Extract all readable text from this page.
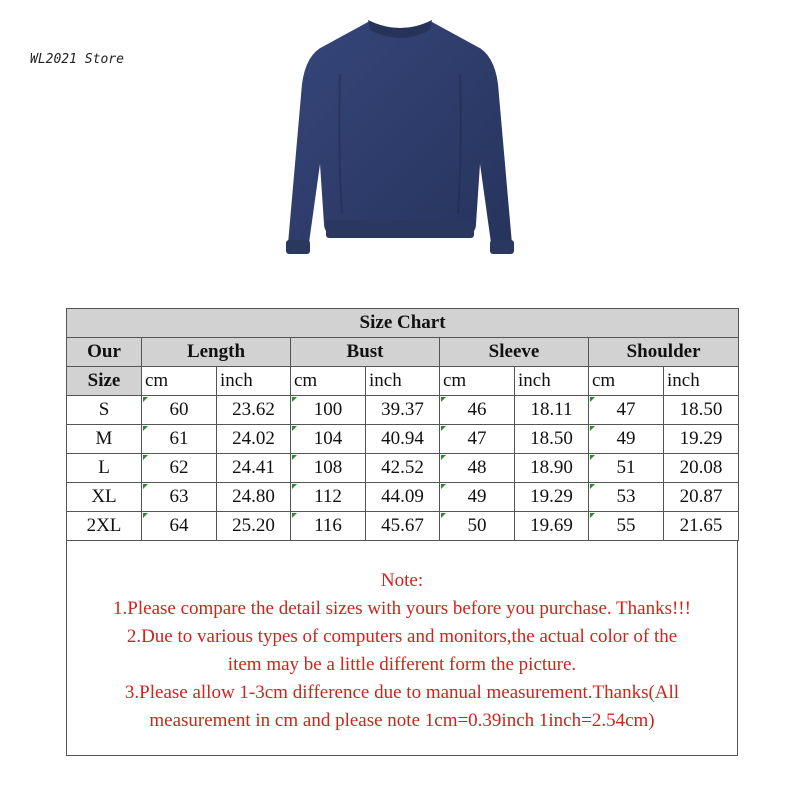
WL2021 Store
Size Chart								
Our	Length		Bust		Sleeve		Shoulder	
Size	cm	inch	cm	inch	cm	inch	cm	inch
S	60	23.62	100	39.37	46	18.11	47	18.50
M	61	24.02	104	40.94	47	18.50	49	19.29
L	62	24.41	108	42.52	48	18.90	51	20.08
XL	63	24.80	112	44.09	49	19.29	53	20.87
2XL	64	25.20	116	45.67	50	19.69	55	21.65

Note:

1.Please compare the detail sizes with yours before you purchase. Thanks!!!

2.Due to various types of computers and monitors,the actual color of the

item may be a little different form the picture.

3.Please allow 1-3cm difference due to manual measurement.Thanks(All

measurement in cm and please note 1cm=0.39inch 1inch=2.54cm)
